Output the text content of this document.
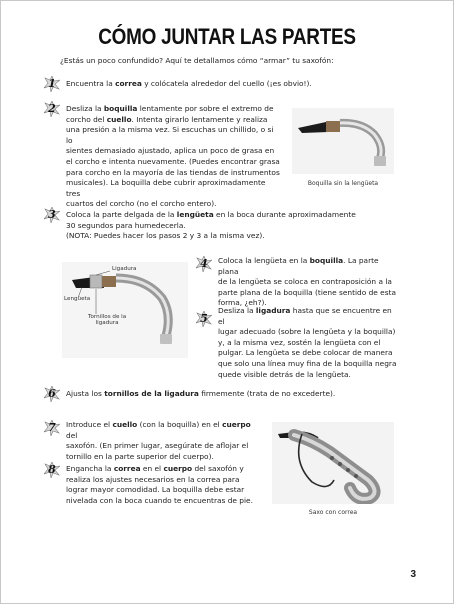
CÓMO JUNTAR LAS PARTES
¿Estás un poco confundido? Aquí te detallamos cómo “armar” tu saxofón:
1	Encuentra la correa y colócatela alrededor del cuello (¡es obvio!).
2	Desliza la boquilla lentamente por sobre el extremo de
corcho del cuello. Intenta girarlo lentamente y realiza
una presión a la misma vez. Si escuchas un chillido, o si lo
sientes demasiado ajustado, aplica un poco de grasa en
el corcho e intenta nuevamente. (Puedes encontrar grasa
para corcho en la mayoría de las tiendas de instrumentos
musicales). La boquilla debe cubrir aproximadamente tres
cuartos del corcho (no el corcho entero).
Boquilla sin la lengüeta
3	Coloca la parte delgada de la lengüeta en la boca durante aproximadamente
30 segundos para humedecerla.
(NOTA: Puedes hacer los pasos 2 y 3 a la misma vez).
Ligadura
Lengüeta
Tornillos de la
ligadura
4	Coloca la lengüeta en la boquilla. La parte plana
de la lengüeta se coloca en contraposición a la
parte plana de la boquilla (tiene sentido de esta
forma, ¿eh?).
5
Desliza la ligadura hasta que se encuentre en el
lugar adecuado (sobre la lengüeta y la boquilla)
y, a la misma vez, sostén la lengüeta con el
pulgar. La lengüeta se debe colocar de manera
que solo una línea muy fina de la boquilla negra
quede visible detrás de la lengüeta.
6	Ajusta los tornillos de la ligadura firmemente (trata de no excederte).
7	Introduce el cuello (con la boquilla) en el cuerpo del
saxofón. (En primer lugar, asegúrate de aflojar el
tornillo en la parte superior del cuerpo).
8	Engancha la correa en el cuerpo del saxofón y
realiza los ajustes necesarios en la correa para
lograr mayor comodidad. La boquilla debe estar
nivelada con la boca cuando te encuentras de pie.
Saxo con correa
3
